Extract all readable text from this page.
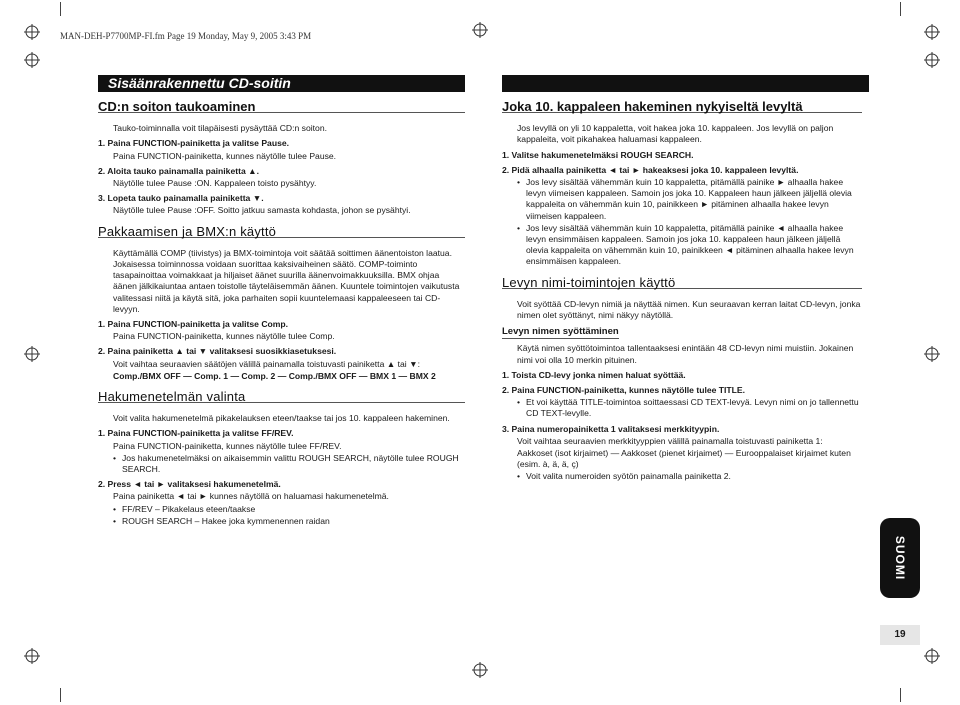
MAN-DEH-P7700MP-FI.fm Page 19 Monday, May 9, 2005 3:43 PM
Sisäänrakennettu CD-soitin
CD:n soiton taukoaminen

Tauko-toiminnalla voit tilapäisesti pysäyttää CD:n soiton.

1. Paina FUNCTION-painiketta ja valitse Pause.

Paina FUNCTION-painiketta, kunnes näytölle tulee Pause.

2. Aloita tauko painamalla painiketta ▲.

Näytölle tulee Pause :ON. Kappaleen toisto pysähtyy.

3. Lopeta tauko painamalla painiketta ▼.

Näytölle tulee Pause :OFF. Soitto jatkuu samasta kohdasta, johon se pysähtyi.

Pakkaamisen ja BMX:n käyttö

Käyttämällä COMP (tiivistys) ja BMX-toimintoja voit säätää soittimen äänentoiston laatua. Jokaisessa toiminnossa voidaan suorittaa kaksivaiheinen säätö. COMP-toiminto tasapainoittaa voimakkaat ja hiljaiset äänet suurilla äänenvoimakkuuksilla. BMX ohjaa äänen jälkikaiuntaa antaen toistolle täyteläisemmän äänen. Kuuntele toimintojen vaikutusta valitessasi niitä ja käytä sitä, joka parhaiten sopii kuuntelemaasi kappaleeseen tai CD-levyyn.

1. Paina FUNCTION-painiketta ja valitse Comp.

Paina FUNCTION-painiketta, kunnes näytölle tulee Comp.

2. Paina painiketta ▲ tai ▼ valitaksesi suosikkiasetuksesi.

Voit vaihtaa seuraavien säätöjen välillä painamalla toistuvasti painiketta ▲ tai ▼:

Comp./BMX OFF — Comp. 1 — Comp. 2 — Comp./BMX OFF — BMX 1 — BMX 2

Hakumenetelmän valinta

Voit valita hakumenetelmä pikakelauksen eteen/taakse tai jos 10. kappaleen hakeminen.

1. Paina FUNCTION-painiketta ja valitse FF/REV.

Paina FUNCTION-painiketta, kunnes näytölle tulee FF/REV.

• Jos hakumenetelmäksi on aikaisemmin valittu ROUGH SEARCH, näytölle tulee ROUGH SEARCH.

2. Press ◄ tai ► valitaksesi hakumenetelmä.

Paina painiketta ◄ tai ► kunnes näytöllä on haluamasi hakumenetelmä.

• FF/REV – Pikakelaus eteen/taakse

• ROUGH SEARCH – Hakee joka kymmenennen raidan

Joka 10. kappaleen hakeminen nykyiseltä levyltä

Jos levyllä on yli 10 kappaletta, voit hakea joka 10. kappaleen. Jos levyllä on paljon kappaleita, voit pikahakea haluamasi kappaleen.

1. Valitse hakumenetelmäksi ROUGH SEARCH.

2. Pidä alhaalla painiketta ◄ tai ► hakeaksesi joka 10. kappaleen levyltä.

• Jos levy sisältää vähemmän kuin 10 kappaletta, pitämällä painike ► alhaalla hakee levyn viimeisen kappaleen. Samoin jos joka 10. Kappaleen haun jälkeen jäljellä olevia kappaleita on vähemmän kuin 10, painikkeen ► pitäminen alhaalla hakee levyn viimeisen kappaleen.

• Jos levy sisältää vähemmän kuin 10 kappaletta, pitämällä painike ◄ alhaalla hakee levyn ensimmäisen kappaleen. Samoin jos joka 10. kappaleen haun jälkeen jäljellä olevia kappaleita on vähemmän kuin 10, painikkeen ◄ pitäminen alhaalla hakee levyn ensimmäisen kappaleen.

Levyn nimi-toimintojen käyttö

Voit syöttää CD-levyn nimiä ja näyttää nimen. Kun seuraavan kerran laitat CD-levyn, jonka nimen olet syöttänyt, nimi näkyy näytöllä.

Levyn nimen syöttäminen

Käytä nimen syöttötoimintoa tallentaaksesi enintään 48 CD-levyn nimi muistiin. Jokainen nimi voi olla 10 merkin pituinen.

1. Toista CD-levy jonka nimen haluat syöttää.

2. Paina FUNCTION-painiketta, kunnes näytölle tulee TITLE.

• Et voi käyttää TITLE-toimintoa soittaessasi CD TEXT-levyä. Levyn nimi on jo tallennettu CD TEXT-levylle.

3. Paina numeropainiketta 1 valitaksesi merkkityypin.

Voit vaihtaa seuraavien merkkityyppien välillä painamalla toistuvasti painiketta 1:

Aakkoset (isot kirjaimet) — Aakkoset (pienet kirjaimet) — Eurooppalaiset kirjaimet kuten (esim. à, ä, ä, ç)

• Voit valita numeroiden syötön painamalla painiketta 2.

SUOMI
19
